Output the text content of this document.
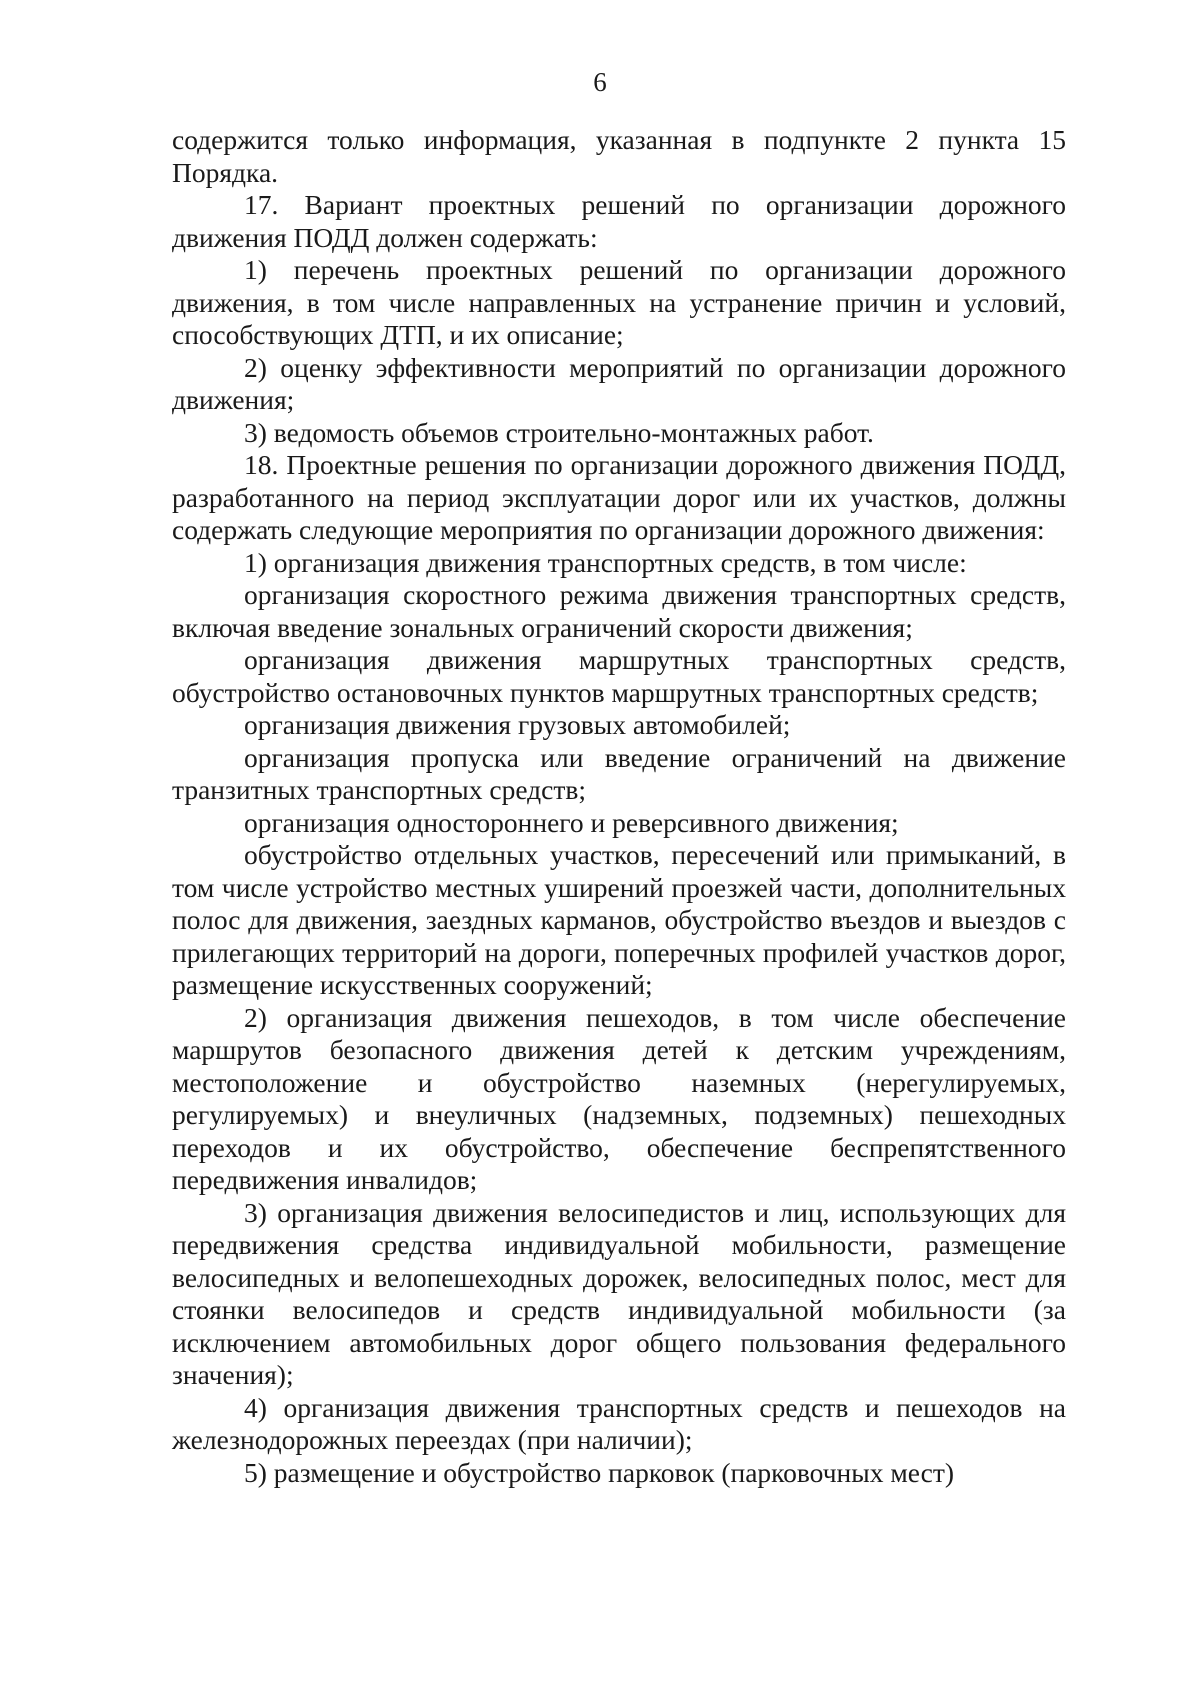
6

содержится только информация, указанная в подпункте 2 пункта 15 Порядка.

17. Вариант проектных решений по организации дорожного движения ПОДД должен содержать:

1) перечень проектных решений по организации дорожного движения, в том числе направленных на устранение причин и условий, способствующих ДТП, и их описание;

2) оценку эффективности мероприятий по организации дорожного движения;

3) ведомость объемов строительно-монтажных работ.

18. Проектные решения по организации дорожного движения ПОДД, разработанного на период эксплуатации дорог или их участков, должны содержать следующие мероприятия по организации дорожного движения:

1) организация движения транспортных средств, в том числе:

организация скоростного режима движения транспортных средств, включая введение зональных ограничений скорости движения;

организация движения маршрутных транспортных средств, обустройство остановочных пунктов маршрутных транспортных средств;

организация движения грузовых автомобилей;

организация пропуска или введение ограничений на движение транзитных транспортных средств;

организация одностороннего и реверсивного движения;

обустройство отдельных участков, пересечений или примыканий, в том числе устройство местных уширений проезжей части, дополнительных полос для движения, заездных карманов, обустройство въездов и выездов с прилегающих территорий на дороги, поперечных профилей участков дорог, размещение искусственных сооружений;

2) организация движения пешеходов, в том числе обеспечение маршрутов безопасного движения детей к детским учреждениям, местоположение и обустройство наземных (нерегулируемых, регулируемых) и внеуличных (надземных, подземных) пешеходных переходов и их обустройство, обеспечение беспрепятственного передвижения инвалидов;

3) организация движения велосипедистов и лиц, использующих для передвижения средства индивидуальной мобильности, размещение велосипедных и велопешеходных дорожек, велосипедных полос, мест для стоянки велосипедов и средств индивидуальной мобильности (за исключением автомобильных дорог общего пользования федерального значения);

4) организация движения транспортных средств и пешеходов на железнодорожных переездах (при наличии);

5) размещение и обустройство парковок (парковочных мест)
